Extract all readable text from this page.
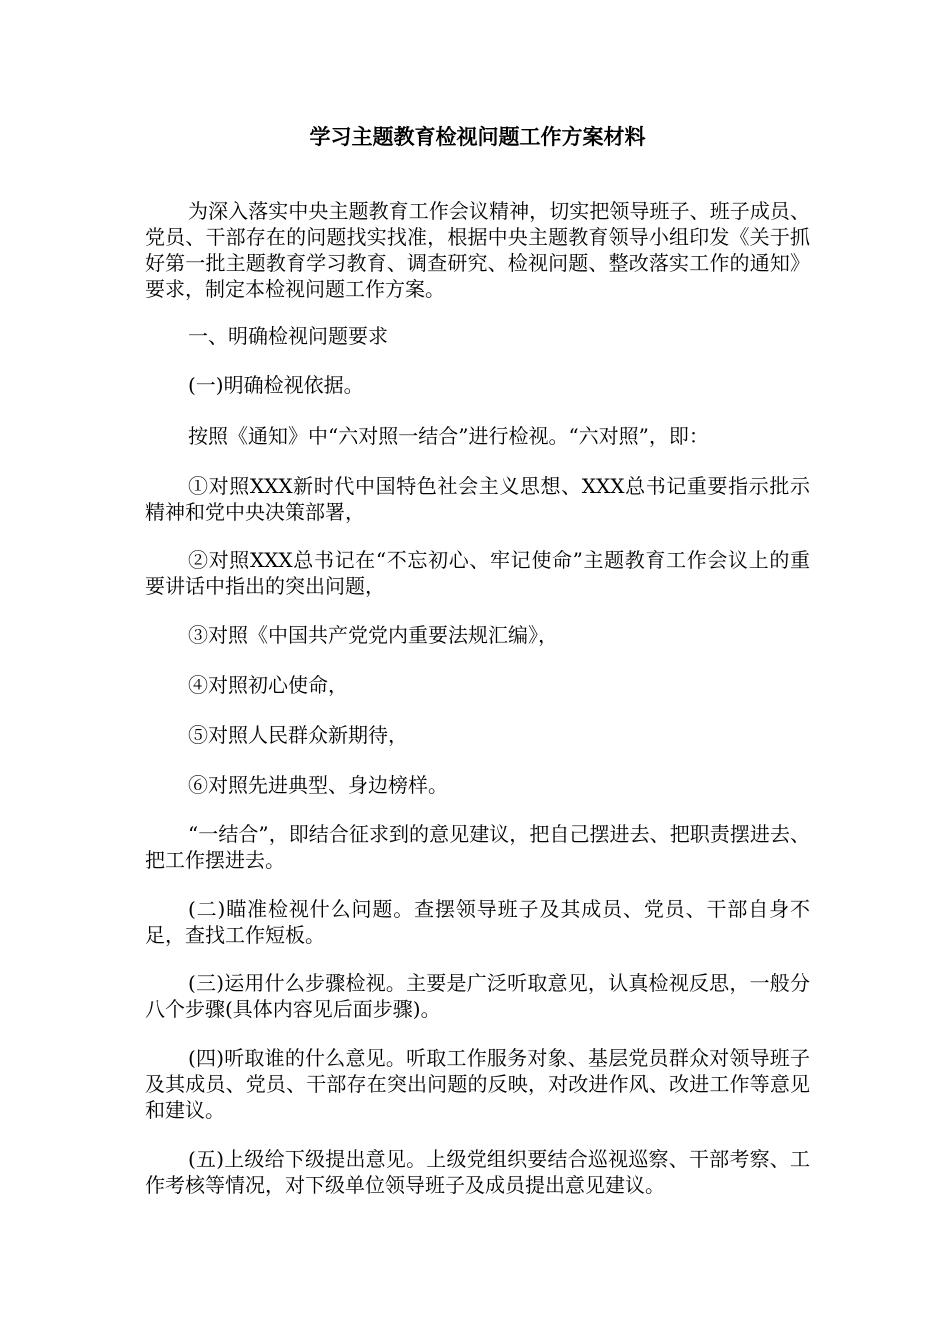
学习主题教育检视问题工作方案材料

为深入落实中央主题教育工作会议精神，切实把领导班子、班子成员、党员、干部存在的问题找实找准，根据中央主题教育领导小组印发《关于抓好第一批主题教育学习教育、调查研究、检视问题、整改落实工作的通知》要求，制定本检视问题工作方案。

一、明确检视问题要求

(一)明确检视依据。

按照《通知》中“六对照一结合”进行检视。“六对照”，即：

①对照XXX新时代中国特色社会主义思想、XXX总书记重要指示批示精神和党中央决策部署，

②对照XXX总书记在“不忘初心、牢记使命”主题教育工作会议上的重要讲话中指出的突出问题，

③对照《中国共产党党内重要法规汇编》，

④对照初心使命，

⑤对照人民群众新期待，

⑥对照先进典型、身边榜样。

“一结合”，即结合征求到的意见建议，把自己摆进去、把职责摆进去、把工作摆进去。

(二)瞄准检视什么问题。查摆领导班子及其成员、党员、干部自身不足，查找工作短板。

(三)运用什么步骤检视。主要是广泛听取意见，认真检视反思，一般分八个步骤(具体内容见后面步骤)。

(四)听取谁的什么意见。听取工作服务对象、基层党员群众对领导班子及其成员、党员、干部存在突出问题的反映，对改进作风、改进工作等意见和建议。

(五)上级给下级提出意见。上级党组织要结合巡视巡察、干部考察、工作考核等情况，对下级单位领导班子及成员提出意见建议。
